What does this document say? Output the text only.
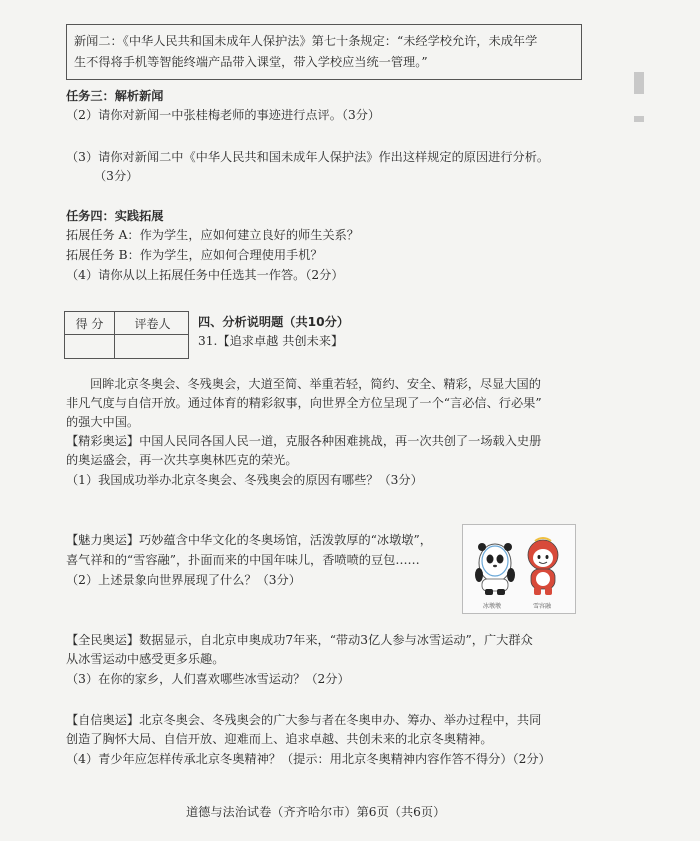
新闻二：《中华人民共和国未成年人保护法》第七十条规定：“未经学校允许，未成年学
生不得将手机等智能终端产品带入课堂，带入学校应当统一管理。”
任务三：解析新闻
（2）请你对新闻一中张桂梅老师的事迹进行点评。（3分）
（3）请你对新闻二中《中华人民共和国未成年人保护法》作出这样规定的原因进行分析。
（3分）
任务四：实践拓展
拓展任务 A：作为学生，应如何建立良好的师生关系？
拓展任务 B：作为学生，应如何合理使用手机？
（4）请你从以上拓展任务中任选其一作答。（2分）
得 分	评卷人	四、分析说明题（共10分）
31.【追求卓越 共创未来】
回眸北京冬奥会、冬残奥会，大道至简、举重若轻，简约、安全、精彩，尽显大国的
非凡气度与自信开放。通过体育的精彩叙事，向世界全方位呈现了一个“言必信、行必果”
的强大中国。
【精彩奥运】中国人民同各国人民一道，克服各种困难挑战，再一次共创了一场载入史册
的奥运盛会，再一次共享奥林匹克的荣光。
（1）我国成功举办北京冬奥会、冬残奥会的原因有哪些？（3分）
【魅力奥运】巧妙蕴含中华文化的冬奥场馆，活泼敦厚的“冰墩墩”，
喜气祥和的“雪容融”，扑面而来的中国年味儿，香喷喷的豆包……
（2）上述景象向世界展现了什么？（3分）
冰墩墩	雪容融
【全民奥运】数据显示，自北京申奥成功7年来，“带动3亿人参与冰雪运动”，广大群众
从冰雪运动中感受更多乐趣。
（3）在你的家乡，人们喜欢哪些冰雪运动？（2分）
【自信奥运】北京冬奥会、冬残奥会的广大参与者在冬奥申办、筹办、举办过程中，共同
创造了胸怀大局、自信开放、迎难而上、追求卓越、共创未来的北京冬奥精神。
（4）青少年应怎样传承北京冬奥精神？（提示：用北京冬奥精神内容作答不得分）（2分）
道德与法治试卷（齐齐哈尔市）第6页（共6页）
